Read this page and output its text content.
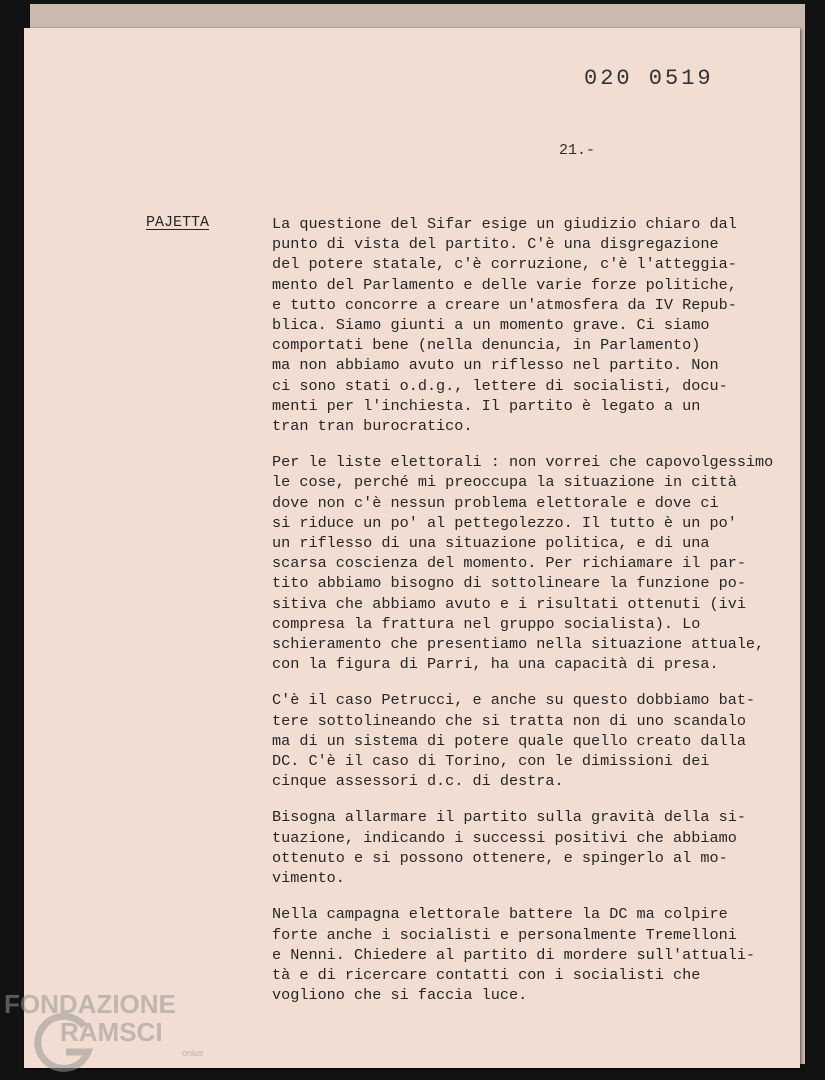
020 0519
21.-
PAJETTA	La questione del Sifar esige un giudizio chiaro dal
punto di vista del partito. C'è una disgregazione
del potere statale, c'è corruzione, c'è l'atteggia-
mento del Parlamento e delle varie forze politiche,
e tutto concorre a creare un'atmosfera da IV Repub-
blica. Siamo giunti a un momento grave. Ci siamo
comportati bene (nella denuncia, in Parlamento)
ma non abbiamo avuto un riflesso nel partito. Non
ci sono stati o.d.g., lettere di socialisti, docu-
menti per l'inchiesta. Il partito è legato a un
tran tran burocratico.

Per le liste elettorali : non vorrei che capovolgessimo
le cose, perché mi preoccupa la situazione in città
dove non c'è nessun problema elettorale e dove ci
si riduce un po' al pettegolezzo. Il tutto è un po'
un riflesso di una situazione politica, e di una
scarsa coscienza del momento. Per richiamare il par-
tito abbiamo bisogno di sottolineare la funzione po-
sitiva che abbiamo avuto e i risultati ottenuti (ivi
compresa la frattura nel gruppo socialista). Lo
schieramento che presentiamo nella situazione attuale,
con la figura di Parri, ha una capacità di presa.

C'è il caso Petrucci, e anche su questo dobbiamo bat-
tere sottolineando che si tratta non di uno scandalo
ma di un sistema di potere quale quello creato dalla
DC. C'è il caso di Torino, con le dimissioni dei
cinque assessori d.c. di destra.

Bisogna allarmare il partito sulla gravità della si-
tuazione, indicando i successi positivi che abbiamo
ottenuto e si possono ottenere, e spingerlo al mo-
vimento.

Nella campagna elettorale battere la DC ma colpire
forte anche i socialisti e personalmente Tremelloni
e Nenni. Chiedere al partito di mordere sull'attuali-
tà e di ricercare contatti con i socialisti che
vogliono che si faccia luce.

FONDAZIONE
RAMSCI
onlus
